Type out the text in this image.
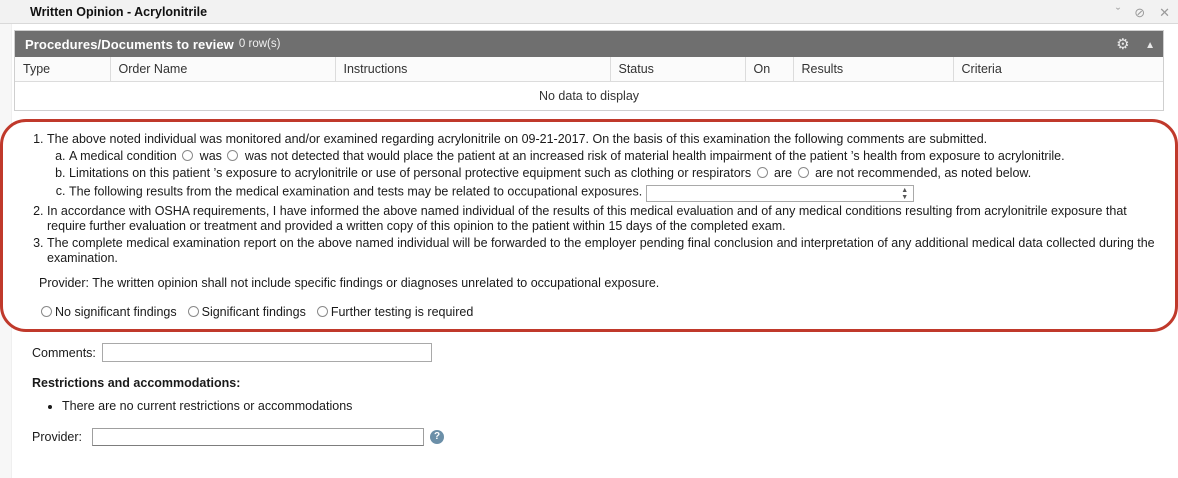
Written Opinion - Acrylonitrile	ˇ ⊘ ✕
Procedures/Documents to review 0 row(s)
⚙
▲
Type	Order Name	Instructions	Status	On	Results	Criteria
No data to display
1. The above noted individual was monitored and/or examined regarding acrylonitrile on 09-21-2017. On the basis of this examination the following comments are submitted.
a. A medical condition was was not detected that would place the patient at an increased risk of material health impairment of the patient ’s health from exposure to acrylonitrile.
b. Limitations on this patient ’s exposure to acrylonitrile or use of personal protective equipment such as clothing or respirators are are not recommended, as noted below.
c. The following results from the medical examination and tests may be related to occupational exposures.	▲
▼
2. In accordance with OSHA requirements, I have informed the above named individual of the results of this medical evaluation and of any medical conditions resulting from acrylonitrile exposure that require further evaluation or treatment and provided a written copy of this opinion to the patient within 15 days of the completed exam.
3. The complete medical examination report on the above named individual will be forwarded to the employer pending final conclusion and interpretation of any additional medical data collected during the examination.
Provider: The written opinion shall not include specific findings or diagnoses unrelated to occupational exposure.
No significant findings	Significant findings	Further testing is required
Comments:
Restrictions and accommodations:
• There are no current restrictions or accommodations
Provider:	?
